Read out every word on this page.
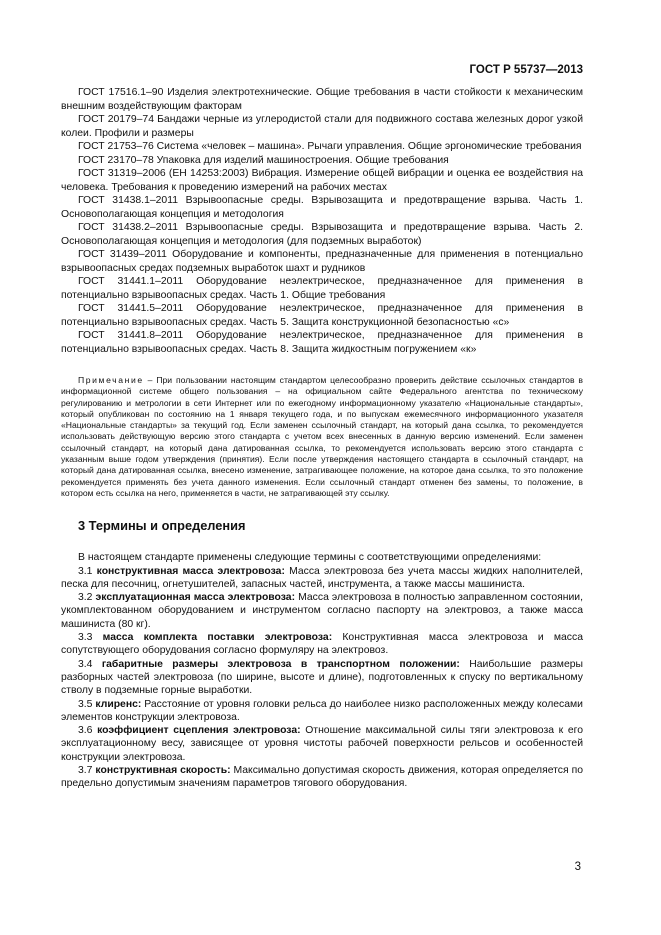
ГОСТ Р 55737—2013

ГОСТ 17516.1–90 Изделия электротехнические. Общие требования в части стойкости к механическим внешним воздействующим факторам

ГОСТ 20179–74 Бандажи черные из углеродистой стали для подвижного состава железных дорог узкой колеи. Профили и размеры

ГОСТ 21753–76 Система «человек – машина». Рычаги управления. Общие эргономические требования

ГОСТ 23170–78 Упаковка для изделий машиностроения. Общие требования

ГОСТ 31319–2006 (ЕН 14253:2003) Вибрация. Измерение общей вибрации и оценка ее воздействия на человека. Требования к проведению измерений на рабочих местах

ГОСТ 31438.1–2011 Взрывоопасные среды. Взрывозащита и предотвращение взрыва. Часть 1. Основополагающая концепция и методология

ГОСТ 31438.2–2011 Взрывоопасные среды. Взрывозащита и предотвращение взрыва. Часть 2. Основополагающая концепция и методология (для подземных выработок)

ГОСТ 31439–2011 Оборудование и компоненты, предназначенные для применения в потенциально взрывоопасных средах подземных выработок шахт и рудников

ГОСТ 31441.1–2011 Оборудование неэлектрическое, предназначенное для применения в потенциально взрывоопасных средах. Часть 1. Общие требования

ГОСТ 31441.5–2011 Оборудование неэлектрическое, предназначенное для применения в потенциально взрывоопасных средах. Часть 5. Защита конструкционной безопасностью «с»

ГОСТ 31441.8–2011 Оборудование неэлектрическое, предназначенное для применения в потенциально взрывоопасных средах. Часть 8. Защита жидкостным погружением «к»

Примечание – При пользовании настоящим стандартом целесообразно проверить действие ссылочных стандартов в информационной системе общего пользования – на официальном сайте Федерального агентства по техническому регулированию и метрологии в сети Интернет или по ежегодному информационному указателю «Национальные стандарты», который опубликован по состоянию на 1 января текущего года, и по выпускам ежемесячного информационного указателя «Национальные стандарты» за текущий год. Если заменен ссылочный стандарт, на который дана ссылка, то рекомендуется использовать действующую версию этого стандарта с учетом всех внесенных в данную версию изменений. Если заменен ссылочный стандарт, на который дана датированная ссылка, то рекомендуется использовать версию этого стандарта с указанным выше годом утверждения (принятия). Если после утверждения настоящего стандарта в ссылочный стандарт, на который дана датированная ссылка, внесено изменение, затрагивающее положение, на которое дана ссылка, то это положение рекомендуется применять без учета данного изменения. Если ссылочный стандарт отменен без замены, то положение, в котором есть ссылка на него, применяется в части, не затрагивающей эту ссылку.
3 Термины и определения

В настоящем стандарте применены следующие термины с соответствующими определениями:

3.1 конструктивная масса электровоза: Масса электровоза без учета массы жидких наполнителей, песка для песочниц, огнетушителей, запасных частей, инструмента, а также массы машиниста.

3.2 эксплуатационная масса электровоза: Масса электровоза в полностью заправленном состоянии, укомплектованном оборудованием и инструментом согласно паспорту на электровоз, а также масса машиниста (80 кг).

3.3 масса комплекта поставки электровоза: Конструктивная масса электровоза и масса сопутствующего оборудования согласно формуляру на электровоз.

3.4 габаритные размеры электровоза в транспортном положении: Наибольшие размеры разборных частей электровоза (по ширине, высоте и длине), подготовленных к спуску по вертикальному стволу в подземные горные выработки.

3.5 клиренс: Расстояние от уровня головки рельса до наиболее низко расположенных между колесами элементов конструкции электровоза.

3.6 коэффициент сцепления электровоза: Отношение максимальной силы тяги электровоза к его эксплуатационному весу, зависящее от уровня чистоты рабочей поверхности рельсов и особенностей конструкции электровоза.

3.7 конструктивная скорость: Максимально допустимая скорость движения, которая определяется по предельно допустимым значениям параметров тягового оборудования.

3
